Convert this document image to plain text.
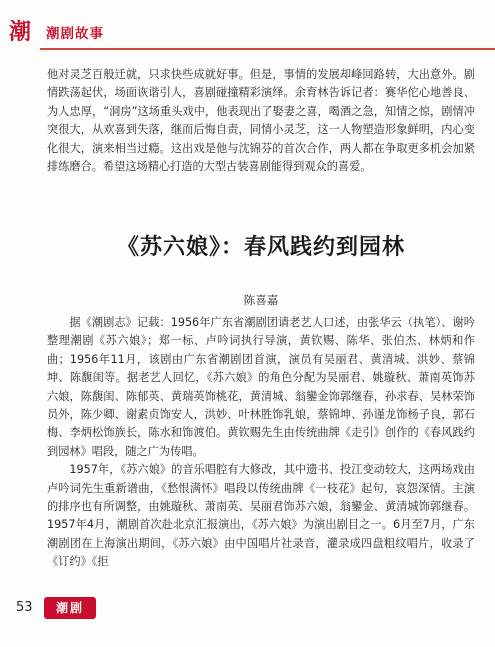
潮 潮剧故事

他对灵芝百般迁就，只求快些成就好事。但是，事情的发展却峰回路转，大出意外。剧情跌荡起伏，场面诙谐引人，喜剧碰撞精彩演绎。余育林告诉记者：赛华佗心地善良、为人忠厚，“洞房”这场重头戏中，他表现出了娶妻之喜，喝酒之急，知情之惊，剧情冲突很大，从欢喜到失落，继而后悔自责，同情小灵芝，这一人物塑造形象鲜明，内心变化很大，演来相当过瘾。这出戏是他与沈锦芬的首次合作，两人都在争取更多机会加紧排练磨合。希望这场精心打造的大型古装喜剧能得到观众的喜爱。

《苏六娘》：春风践约到园林
陈喜嘉

据《潮剧志》记载：1956年广东省潮剧团请老艺人口述，由张华云（执笔）、谢吟整理潮剧《苏六娘》；郑一标、卢吟词执行导演，黄钦赐、陈华、张伯杰、林炳和作曲；1956年11月，该剧由广东省潮剧团首演，演员有吴丽君、黄清城、洪妙、蔡锦坤、陈馥闺等。据老艺人回忆，《苏六娘》的角色分配为吴丽君、姚璇秋、萧南英饰苏六娘，陈馥闺、陈郁英、黄瑞英饰桃花，黄清城、翁鑾金饰郭继春，孙求春、吴林荣饰员外，陈少卿、谢素贞饰安人，洪妙、叶林胜饰乳娘，蔡锦坤、孙谨龙饰杨子良，郭石梅、李炳松饰族长，陈水和饰渡伯。黄钦赐先生由传统曲牌《走引》创作的《春风践约到园林》唱段，随之广为传唱。

1957年，《苏六娘》的音乐唱腔有大修改，其中遗书、投江变动较大，这两场戏由卢吟词先生重新谱曲，《愁恨满怀》唱段以传统曲牌《一枝花》起句，哀怨深情。主演的排序也有所调整，由姚璇秋、萧南英、吴丽君饰苏六娘，翁鑾金、黄清城饰郭继春。1957年4月，潮剧首次赴北京汇报演出，《苏六娘》为演出剧目之一。6月至7月，广东潮剧团在上海演出期间，《苏六娘》由中国唱片社录音，灌录成四盘粗纹唱片，收录了《订约》《拒

53	潮剧
